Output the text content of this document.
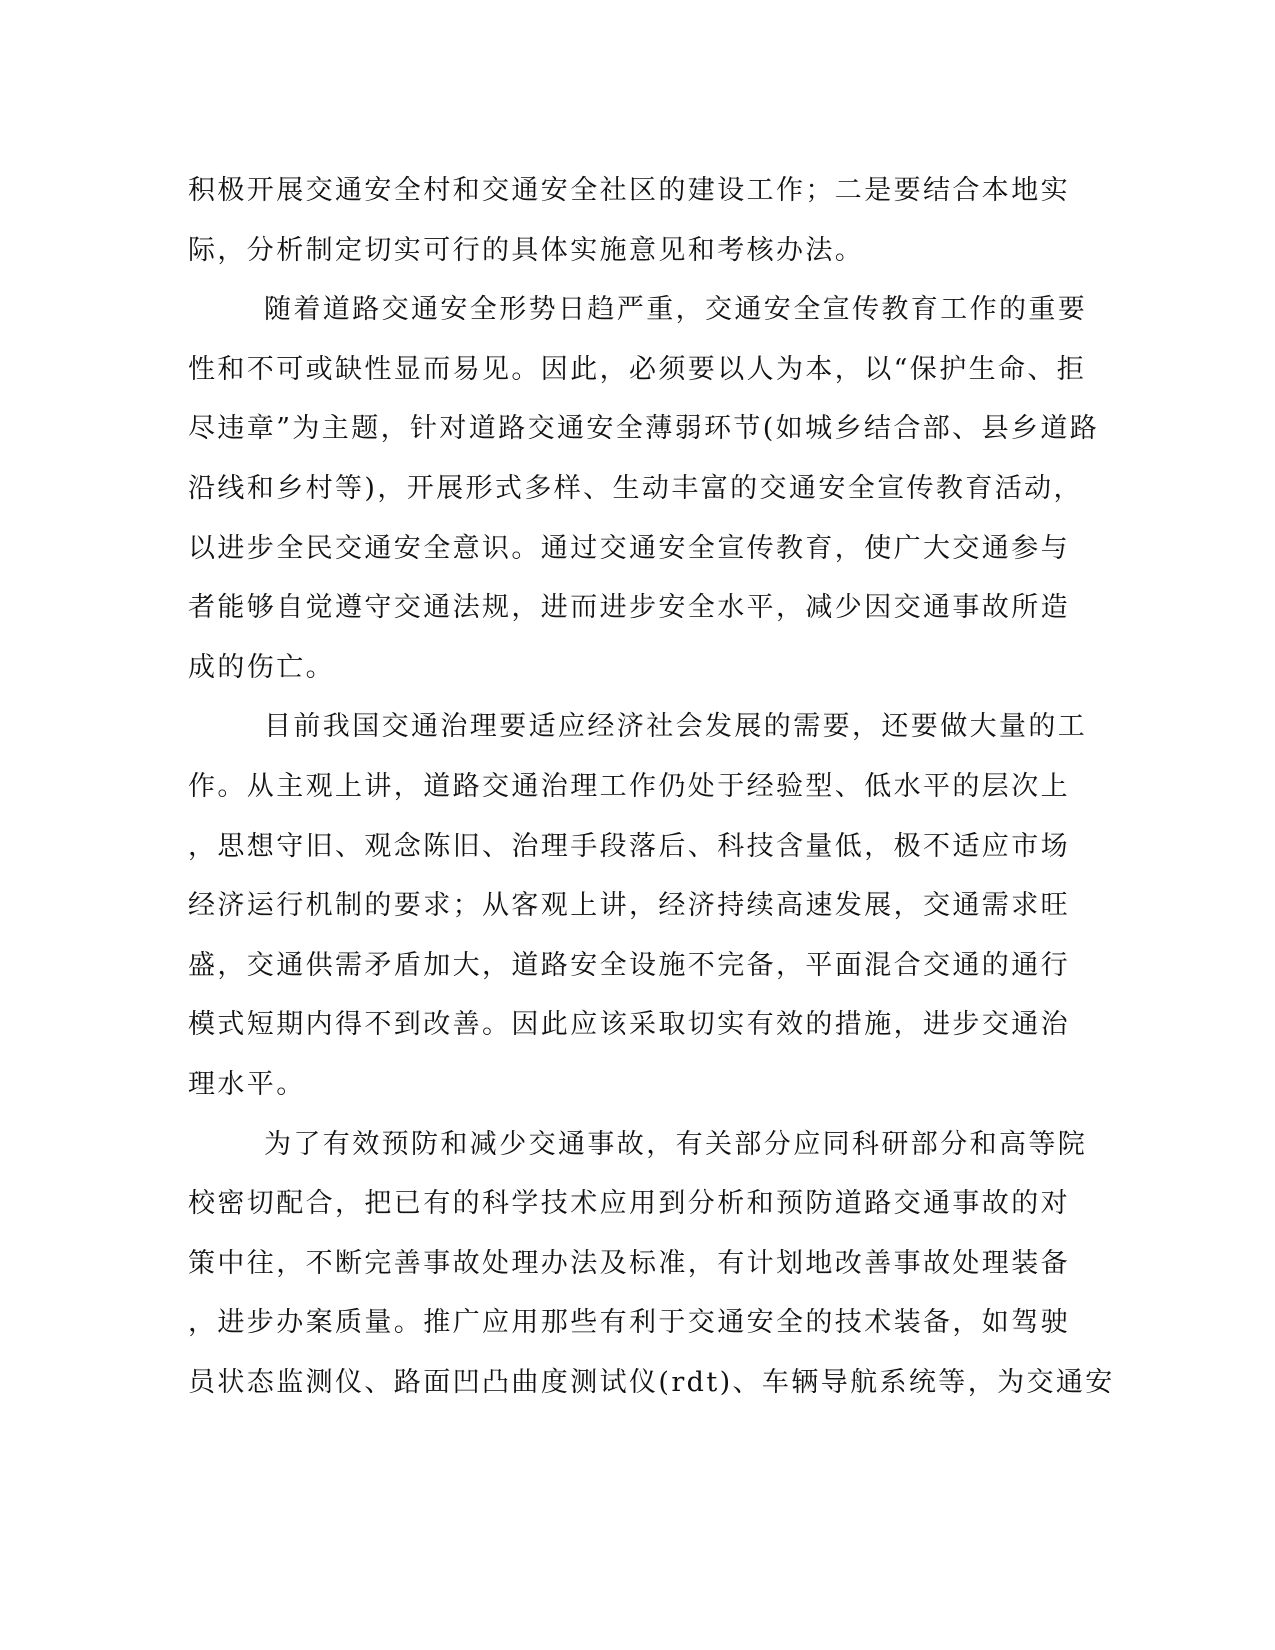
积极开展交通安全村和交通安全社区的建设工作；二是要结合本地实
际，分析制定切实可行的具体实施意见和考核办法。
随着道路交通安全形势日趋严重，交通安全宣传教育工作的重要
性和不可或缺性显而易见。因此，必须要以人为本，以“保护生命、拒
尽违章”为主题，针对道路交通安全薄弱环节(如城乡结合部、县乡道路
沿线和乡村等)，开展形式多样、生动丰富的交通安全宣传教育活动，
以进步全民交通安全意识。通过交通安全宣传教育，使广大交通参与
者能够自觉遵守交通法规，进而进步安全水平，减少因交通事故所造
成的伤亡。
目前我国交通治理要适应经济社会发展的需要，还要做大量的工
作。从主观上讲，道路交通治理工作仍处于经验型、低水平的层次上
，思想守旧、观念陈旧、治理手段落后、科技含量低，极不适应市场
经济运行机制的要求；从客观上讲，经济持续高速发展，交通需求旺
盛，交通供需矛盾加大，道路安全设施不完备，平面混合交通的通行
模式短期内得不到改善。因此应该采取切实有效的措施，进步交通治
理水平。
为了有效预防和减少交通事故，有关部分应同科研部分和高等院
校密切配合，把已有的科学技术应用到分析和预防道路交通事故的对
策中往，不断完善事故处理办法及标准，有计划地改善事故处理装备
，进步办案质量。推广应用那些有利于交通安全的技术装备，如驾驶
员状态监测仪、路面凹凸曲度测试仪(rdt)、车辆导航系统等，为交通安
